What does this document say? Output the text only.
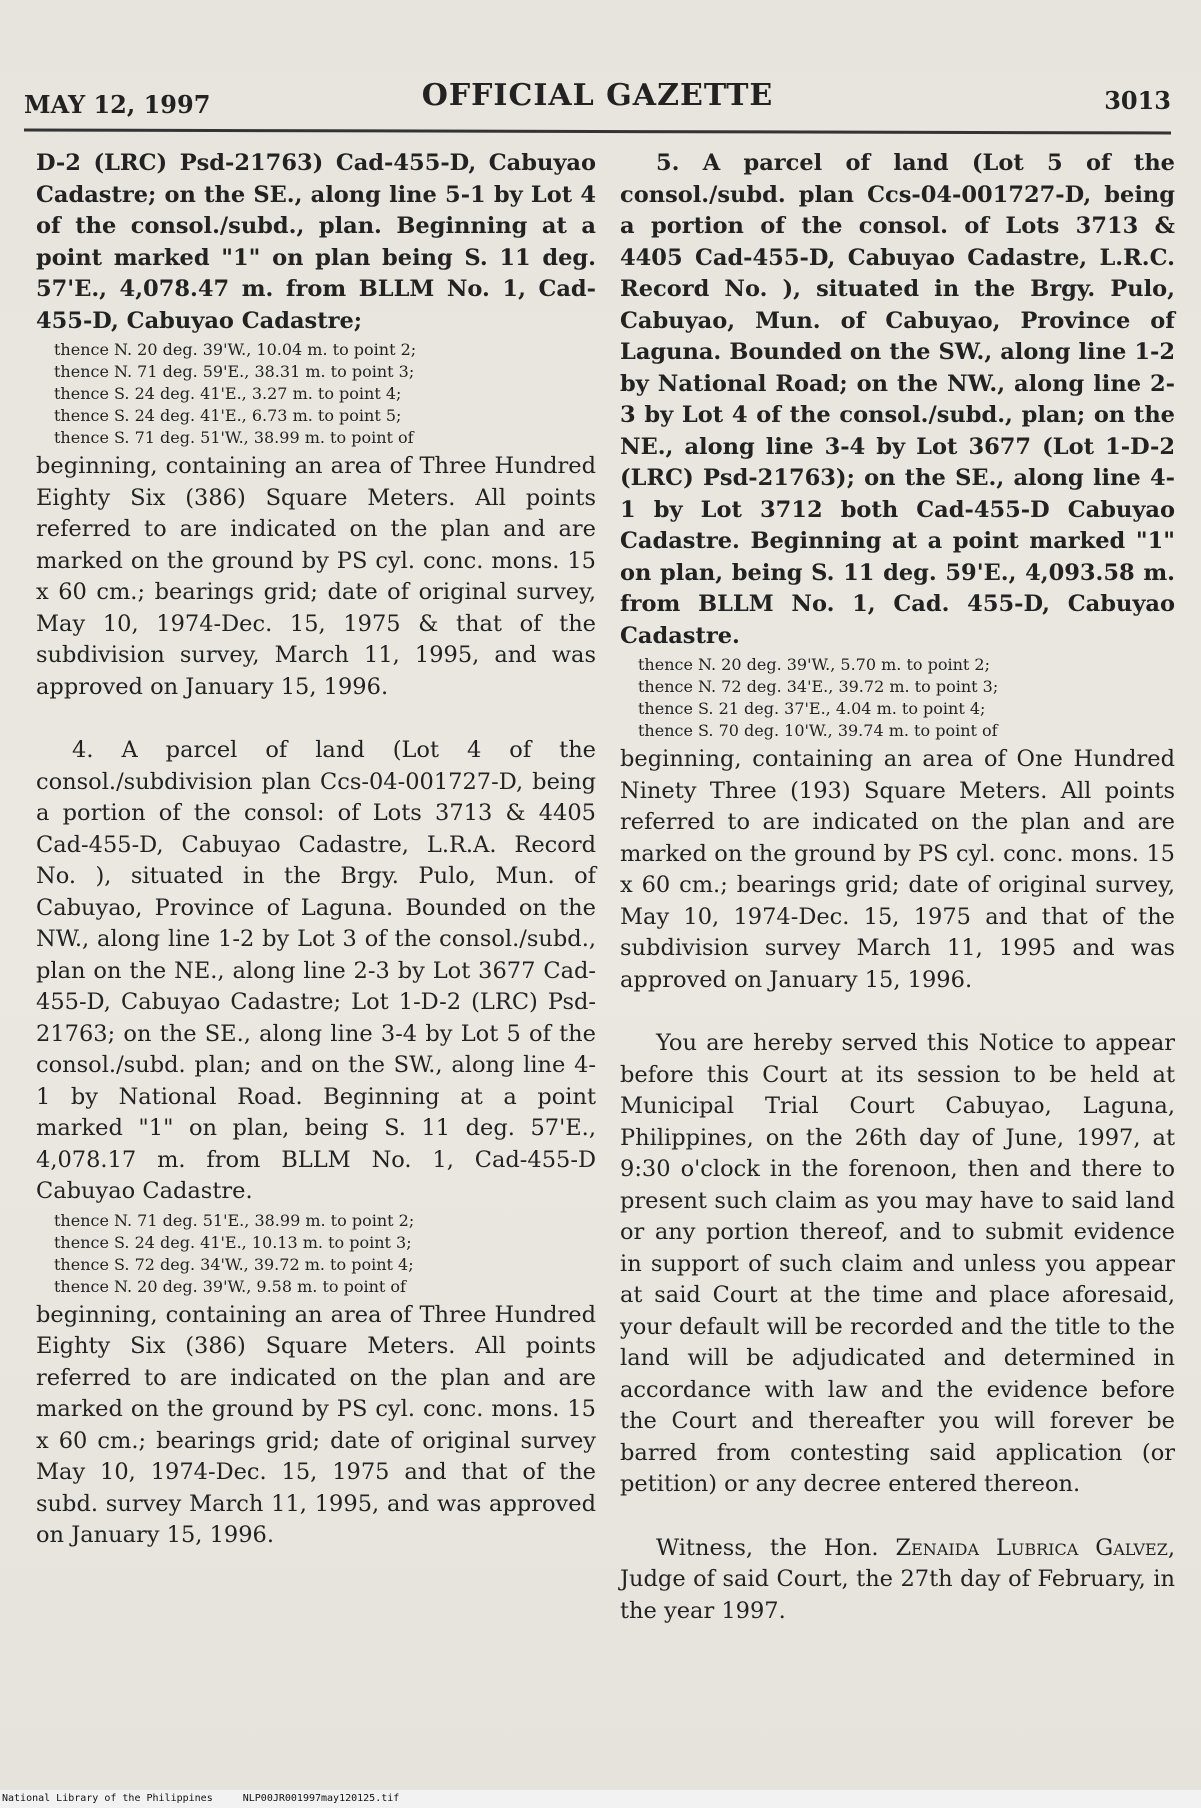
MAY 12, 1997	OFFICIAL GAZETTE	3013

D-2 (LRC) Psd-21763) Cad-455-D, Cabuyao Cadastre; on the SE., along line 5-1 by Lot 4 of the consol./subd., plan. Beginning at a point marked "1" on plan being S. 11 deg. 57'E., 4,078.47 m. from BLLM No. 1, Cad-455-D, Cabuyao Cadastre;

thence N. 20 deg. 39'W., 10.04 m. to point 2;
thence N. 71 deg. 59'E., 38.31 m. to point 3;
thence S. 24 deg. 41'E., 3.27 m. to point 4;
thence S. 24 deg. 41'E., 6.73 m. to point 5;
thence S. 71 deg. 51'W., 38.99 m. to point of

beginning, containing an area of Three Hundred Eighty Six (386) Square Meters. All points referred to are indicated on the plan and are marked on the ground by PS cyl. conc. mons. 15 x 60 cm.; bearings grid; date of original survey, May 10, 1974-Dec. 15, 1975 & that of the subdivision survey, March 11, 1995, and was approved on January 15, 1996.

4. A parcel of land (Lot 4 of the consol./subdivision plan Ccs-04-001727-D, being a portion of the consol: of Lots 3713 & 4405 Cad-455-D, Cabuyao Cadastre, L.R.A. Record No. ), situated in the Brgy. Pulo, Mun. of Cabuyao, Province of Laguna. Bounded on the NW., along line 1-2 by Lot 3 of the consol./subd., plan on the NE., along line 2-3 by Lot 3677 Cad- 455-D, Cabuyao Cadastre; Lot 1-D-2 (LRC) Psd-21763; on the SE., along line 3-4 by Lot 5 of the consol./subd. plan; and on the SW., along line 4-1 by National Road. Beginning at a point marked "1" on plan, being S. 11 deg. 57'E., 4,078.17 m. from BLLM No. 1, Cad-455-D Cabuyao Cadastre.

thence N. 71 deg. 51'E., 38.99 m. to point 2;
thence S. 24 deg. 41'E., 10.13 m. to point 3;
thence S. 72 deg. 34'W., 39.72 m. to point 4;
thence N. 20 deg. 39'W., 9.58 m. to point of

beginning, containing an area of Three Hundred Eighty Six (386) Square Meters. All points referred to are indicated on the plan and are marked on the ground by PS cyl. conc. mons. 15 x 60 cm.; bearings grid; date of original survey May 10, 1974-Dec. 15, 1975 and that of the subd. survey March 11, 1995, and was approved on January 15, 1996.

5. A parcel of land (Lot 5 of the consol./subd. plan Ccs-04-001727-D, being a portion of the consol. of Lots 3713 & 4405 Cad-455-D, Cabuyao Cadastre, L.R.C. Record No. ), situated in the Brgy. Pulo, Cabuyao, Mun. of Cabuyao, Province of Laguna. Bounded on the SW., along line 1-2 by National Road; on the NW., along line 2-3 by Lot 4 of the consol./subd., plan; on the NE., along line 3-4 by Lot 3677 (Lot 1-D-2 (LRC) Psd-21763); on the SE., along line 4-1 by Lot 3712 both Cad-455-D Cabuyao Cadastre. Beginning at a point marked "1" on plan, being S. 11 deg. 59'E., 4,093.58 m. from BLLM No. 1, Cad. 455-D, Cabuyao Cadastre.

thence N. 20 deg. 39'W., 5.70 m. to point 2;
thence N. 72 deg. 34'E., 39.72 m. to point 3;
thence S. 21 deg. 37'E., 4.04 m. to point 4;
thence S. 70 deg. 10'W., 39.74 m. to point of

beginning, containing an area of One Hundred Ninety Three (193) Square Meters. All points referred to are indicated on the plan and are marked on the ground by PS cyl. conc. mons. 15 x 60 cm.; bearings grid; date of original survey, May 10, 1974-Dec. 15, 1975 and that of the subdivision survey March 11, 1995 and was approved on January 15, 1996.

You are hereby served this Notice to appear before this Court at its session to be held at Municipal Trial Court Cabuyao, Laguna, Philippines, on the 26th day of June, 1997, at 9:30 o'clock in the forenoon, then and there to present such claim as you may have to said land or any portion thereof, and to submit evidence in support of such claim and unless you appear at said Court at the time and place aforesaid, your default will be recorded and the title to the land will be adjudicated and determined in accordance with law and the evidence before the Court and thereafter you will forever be barred from contesting said application (or petition) or any decree entered thereon.

Witness, the Hon. Zenaida Lubrica Galvez, Judge of said Court, the 27th day of February, in the year 1997.

National Library of the Philippines	NLP00JR001997may120125.tif
